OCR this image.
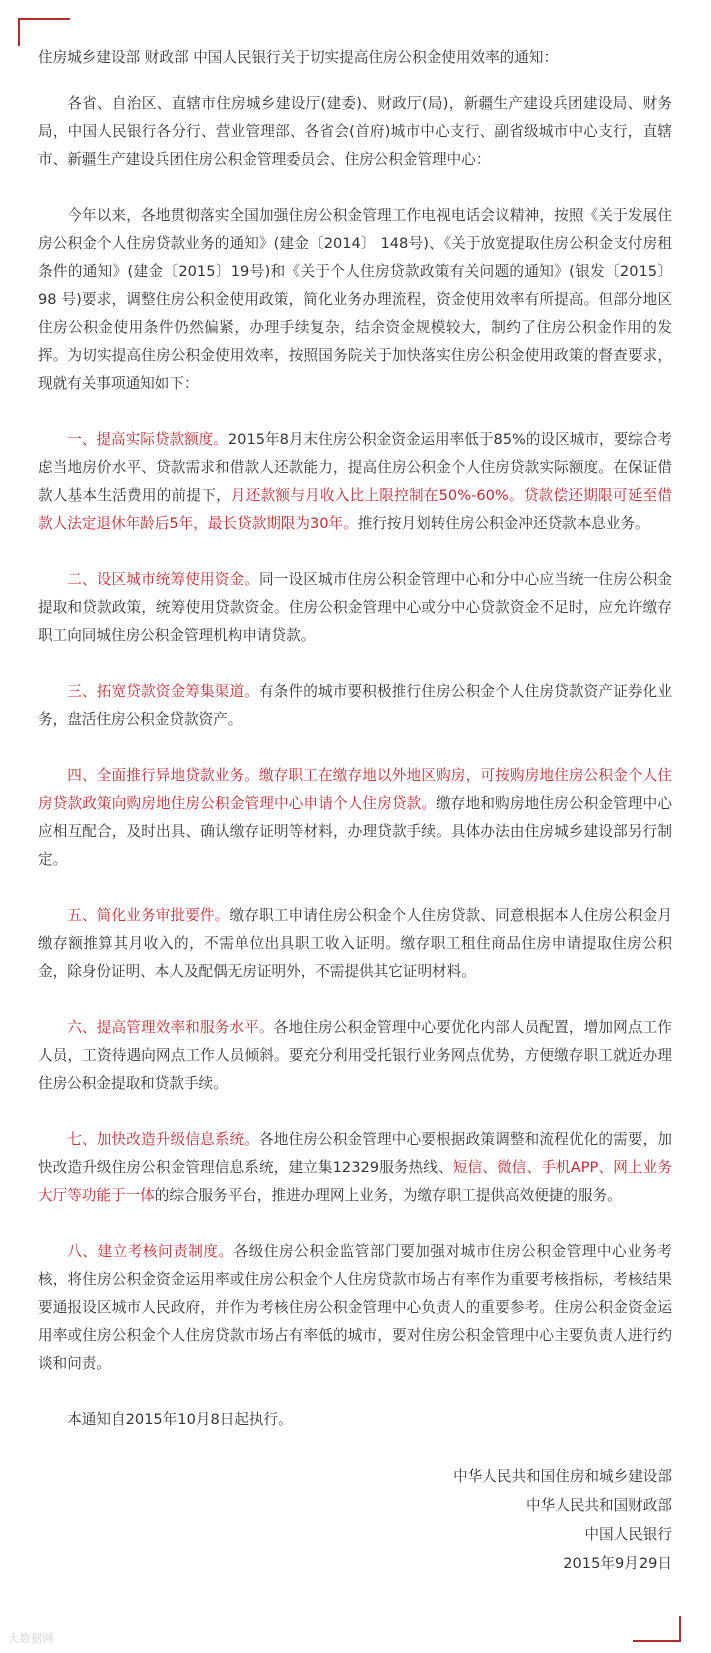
住房城乡建设部 财政部 中国人民银行关于切实提高住房公积金使用效率的通知：

各省、自治区、直辖市住房城乡建设厅(建委)、财政厅(局)，新疆生产建设兵团建设局、财务局，中国人民银行各分行、营业管理部、各省会(首府)城市中心支行、副省级城市中心支行，直辖市、新疆生产建设兵团住房公积金管理委员会、住房公积金管理中心：

今年以来，各地贯彻落实全国加强住房公积金管理工作电视电话会议精神，按照《关于发展住房公积金个人住房贷款业务的通知》(建金〔2014〕 148号)、《关于放宽提取住房公积金支付房租条件的通知》(建金〔2015〕19号)和《关于个人住房贷款政策有关问题的通知》(银发〔2015〕98 号)要求，调整住房公积金使用政策，简化业务办理流程，资金使用效率有所提高。但部分地区住房公积金使用条件仍然偏紧，办理手续复杂，结余资金规模较大，制约了住房公积金作用的发挥。为切实提高住房公积金使用效率，按照国务院关于加快落实住房公积金使用政策的督查要求，现就有关事项通知如下：

一、提高实际贷款额度。2015年8月末住房公积金资金运用率低于85%的设区城市，要综合考虑当地房价水平、贷款需求和借款人还款能力，提高住房公积金个人住房贷款实际额度。在保证借款人基本生活费用的前提下，月还款额与月收入比上限控制在50%-60%。贷款偿还期限可延至借款人法定退休年龄后5年，最长贷款期限为30年。推行按月划转住房公积金冲还贷款本息业务。

二、设区城市统筹使用资金。同一设区城市住房公积金管理中心和分中心应当统一住房公积金提取和贷款政策，统筹使用贷款资金。住房公积金管理中心或分中心贷款资金不足时，应允许缴存职工向同城住房公积金管理机构申请贷款。

三、拓宽贷款资金筹集渠道。有条件的城市要积极推行住房公积金个人住房贷款资产证券化业务，盘活住房公积金贷款资产。

四、全面推行异地贷款业务。缴存职工在缴存地以外地区购房，可按购房地住房公积金个人住房贷款政策向购房地住房公积金管理中心申请个人住房贷款。缴存地和购房地住房公积金管理中心应相互配合，及时出具、确认缴存证明等材料，办理贷款手续。具体办法由住房城乡建设部另行制定。

五、简化业务审批要件。缴存职工申请住房公积金个人住房贷款、同意根据本人住房公积金月缴存额推算其月收入的，不需单位出具职工收入证明。缴存职工租住商品住房申请提取住房公积金，除身份证明、本人及配偶无房证明外，不需提供其它证明材料。

六、提高管理效率和服务水平。各地住房公积金管理中心要优化内部人员配置，增加网点工作人员，工资待遇向网点工作人员倾斜。要充分利用受托银行业务网点优势，方便缴存职工就近办理住房公积金提取和贷款手续。

七、加快改造升级信息系统。各地住房公积金管理中心要根据政策调整和流程优化的需要，加快改造升级住房公积金管理信息系统，建立集12329服务热线、短信、微信、手机APP、网上业务大厅等功能于一体的综合服务平台，推进办理网上业务，为缴存职工提供高效便捷的服务。

八、建立考核问责制度。各级住房公积金监管部门要加强对城市住房公积金管理中心业务考核，将住房公积金资金运用率或住房公积金个人住房贷款市场占有率作为重要考核指标，考核结果要通报设区城市人民政府，并作为考核住房公积金管理中心负责人的重要参考。住房公积金资金运用率或住房公积金个人住房贷款市场占有率低的城市，要对住房公积金管理中心主要负责人进行约谈和问责。

本通知自2015年10月8日起执行。

中华人民共和国住房和城乡建设部
中华人民共和国财政部
中国人民银行
2015年9月29日
大数据网
